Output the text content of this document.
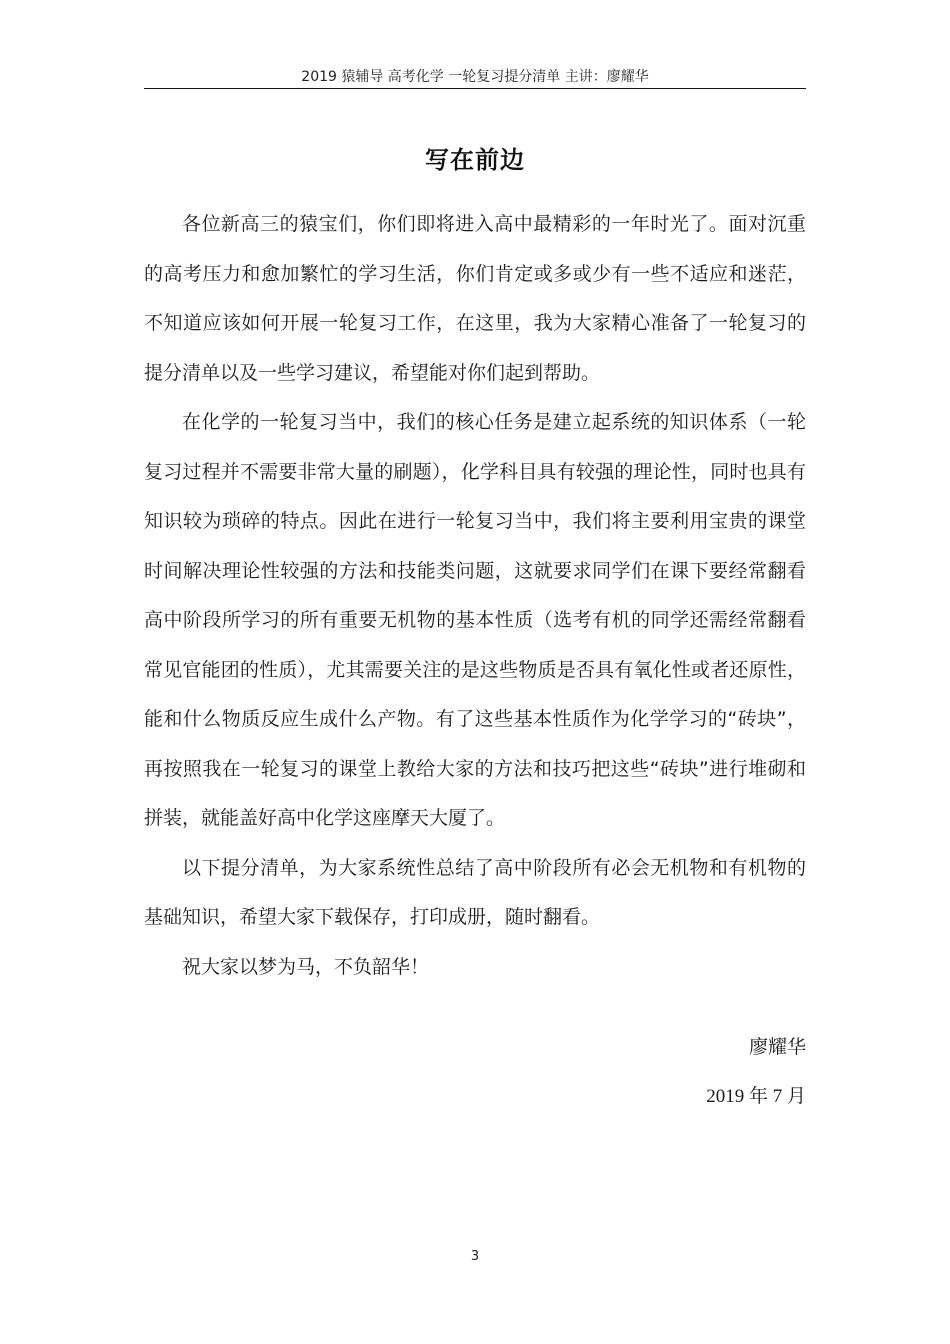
2019 猿辅导 高考化学 一轮复习提分清单 主讲：廖耀华
写在前边

各位新高三的猿宝们，你们即将进入高中最精彩的一年时光了。面对沉重的高考压力和愈加繁忙的学习生活，你们肯定或多或少有一些不适应和迷茫，不知道应该如何开展一轮复习工作，在这里，我为大家精心准备了一轮复习的提分清单以及一些学习建议，希望能对你们起到帮助。

在化学的一轮复习当中，我们的核心任务是建立起系统的知识体系（一轮复习过程并不需要非常大量的刷题），化学科目具有较强的理论性，同时也具有知识较为琐碎的特点。因此在进行一轮复习当中，我们将主要利用宝贵的课堂时间解决理论性较强的方法和技能类问题，这就要求同学们在课下要经常翻看高中阶段所学习的所有重要无机物的基本性质（选考有机的同学还需经常翻看常见官能团的性质），尤其需要关注的是这些物质是否具有氧化性或者还原性，能和什么物质反应生成什么产物。有了这些基本性质作为化学学习的“砖块”，再按照我在一轮复习的课堂上教给大家的方法和技巧把这些“砖块”进行堆砌和拼装，就能盖好高中化学这座摩天大厦了。

以下提分清单，为大家系统性总结了高中阶段所有必会无机物和有机物的基础知识，希望大家下载保存，打印成册，随时翻看。

祝大家以梦为马，不负韶华！

廖耀华
2019 年 7 月
3
